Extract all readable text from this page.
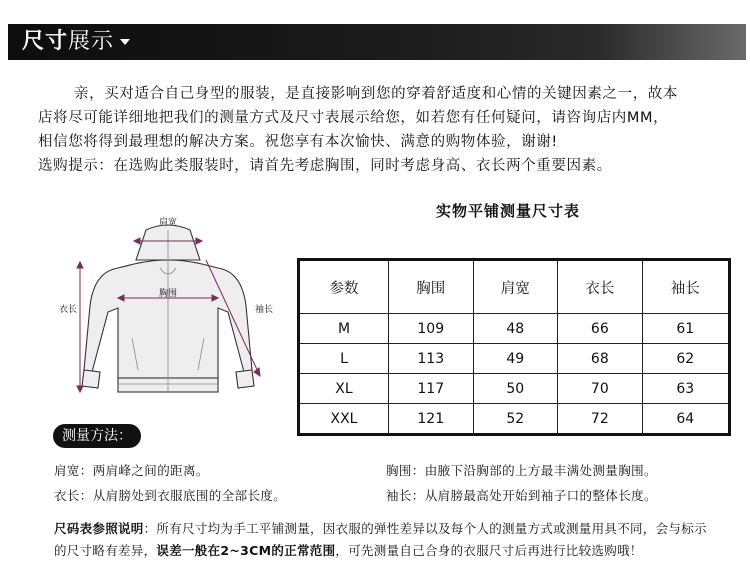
尺寸展示
亲，买对适合自己身型的服装，是直接影响到您的穿着舒适度和心情的关键因素之一，故本
店将尽可能详细地把我们的测量方式及尺寸表展示给您，如若您有任何疑问，请咨询店内MM，
相信您将得到最理想的解决方案。祝您享有本次愉快、满意的购物体验，谢谢!
选购提示：在选购此类服装时，请首先考虑胸围，同时考虑身高、衣长两个重要因素。
肩宽
胸围
衣长	袖长
实物平铺测量尺寸表
参数	胸围	肩宽	衣长	袖长
M	109	48	66	61
L	113	49	68	62
XL	117	50	70	63
XXL	121	52	72	64
测量方法：
肩宽：两肩峰之间的距离。	胸围：由腋下沿胸部的上方最丰满处测量胸围。
衣长：从肩膀处到衣服底围的全部长度。	袖长：从肩膀最高处开始到袖子口的整体长度。
尺码表参照说明：所有尺寸均为手工平铺测量，因衣服的弹性差异以及每个人的测量方式或测量用具不同，会与标示
的尺寸略有差异，误差一般在2~3CM的正常范围，可先测量自己合身的衣服尺寸后再进行比较选购哦！
